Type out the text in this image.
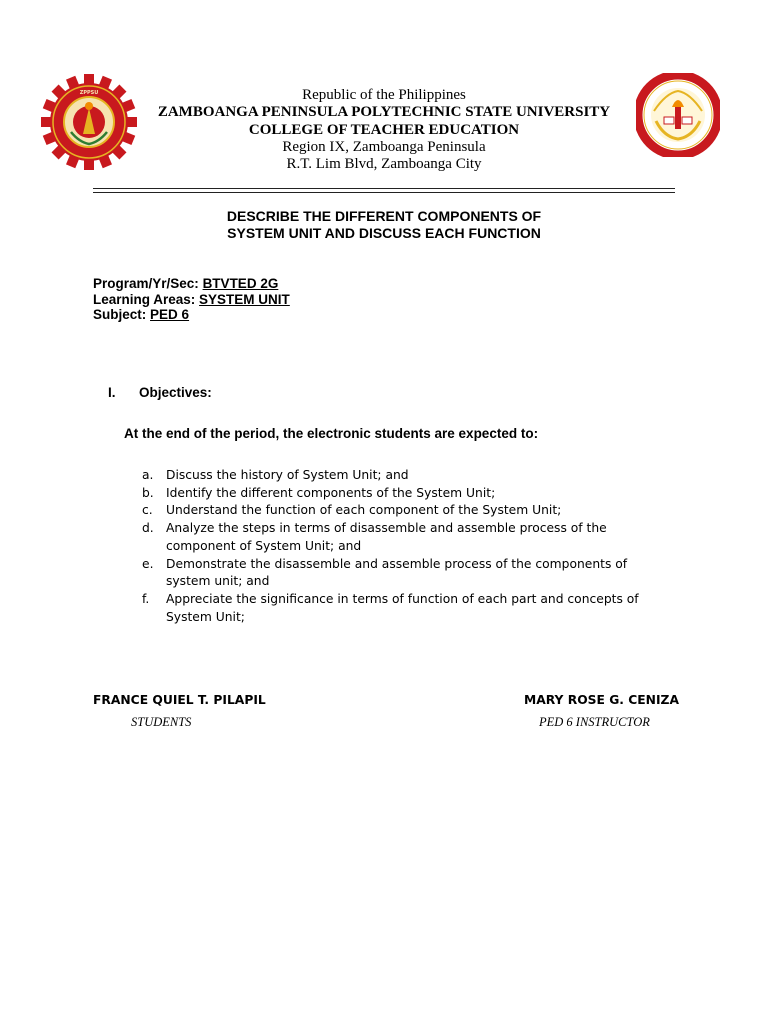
ZPPSU	Republic of the Philippines
ZAMBOANGA PENINSULA POLYTECHNIC STATE UNIVERSITY
COLLEGE OF TEACHER EDUCATION
Region IX, Zamboanga Peninsula
R.T. Lim Blvd, Zamboanga City
DESCRIBE THE DIFFERENT COMPONENTS OF
SYSTEM UNIT AND DISCUSS EACH FUNCTION
Program/Yr/Sec: BTVTED 2G
Learning Areas: SYSTEM UNIT
Subject: PED 6
I. Objectives:
At the end of the period, the electronic students are expected to:
a. Discuss the history of System Unit; and
b. Identify the different components of the System Unit;
c. Understand the function of each component of the System Unit;
d. Analyze the steps in terms of disassemble and assemble process of the component of System Unit; and
e. Demonstrate the disassemble and assemble process of the components of system unit; and
f. Appreciate the significance in terms of function of each part and concepts of System Unit;
FRANCE QUIEL T. PILAPIL
STUDENTS
MARY ROSE G. CENIZA
PED 6 INSTRUCTOR
